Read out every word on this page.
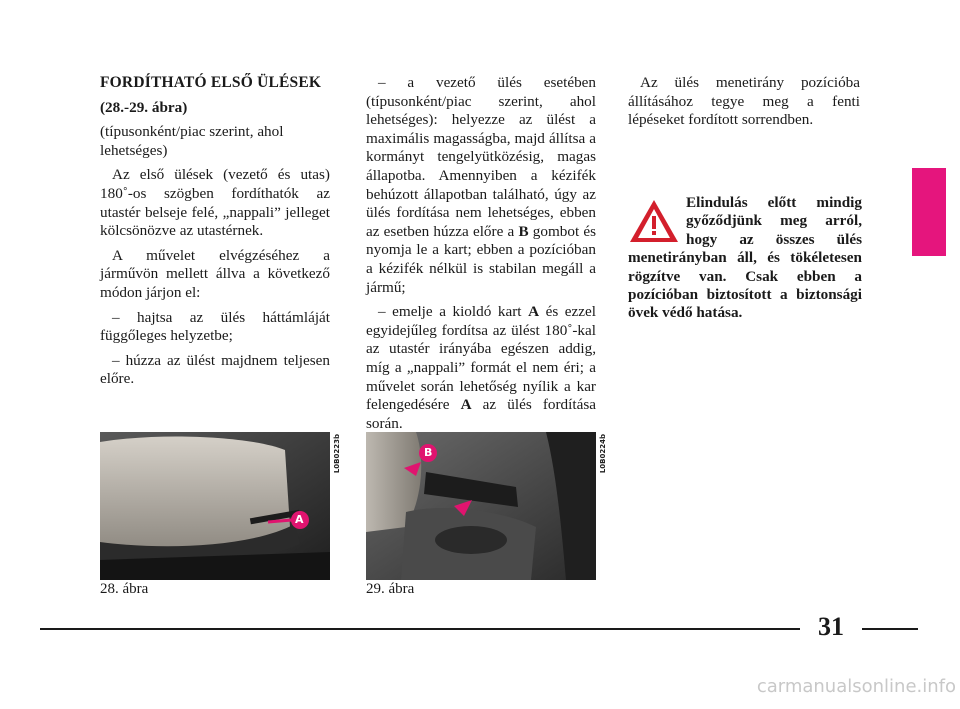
FORDÍTHATÓ ELSŐ ÜLÉSEK

(28.-29. ábra)

(típusonként/piac szerint, ahol lehetséges)

Az első ülések (vezető és utas) 180˚-os szögben fordíthatók az utastér belseje felé, „nappali” jelleget kölcsönözve az utastérnek.

A művelet elvégzéséhez a járművön mellett állva a következő módon járjon el:

– hajtsa az ülés háttámláját függőleges helyzetbe;

– húzza az ülést majdnem teljesen előre.

– a vezető ülés esetében (típusonként/piac szerint, ahol lehetséges): helyezze az ülést a maximális magasságba, majd állítsa a kormányt tengelyütközésig, magas állapotba. Amennyiben a kézifék behúzott állapotban található, úgy az ülés fordítása nem lehetséges, ebben az esetben húzza előre a B gombot és nyomja le a kart; ebben a pozícióban a kézifék nélkül is stabilan megáll a jármű;

– emelje a kioldó kart A és ezzel egyidejűleg fordítsa az ülést 180˚-kal az utastér irányába egészen addig, míg a „nappali” formát el nem éri; a művelet során lehetőség nyílik a kar felengedésére A az ülés fordítása során.

Az ülés menetirány pozícióba állításához tegye meg a fenti lépéseket fordított sorrendben.

Elindulás előtt mindig győződjünk meg arról, hogy az összes ülés menetirányban áll, és tökéletesen rögzítve van. Csak ebben a pozícióban biztosított a biztonsági övek védő hatása.
A
L0B0223b
28. ábra
B	L0B0224b
29. ábra
31
carmanualsonline.info
